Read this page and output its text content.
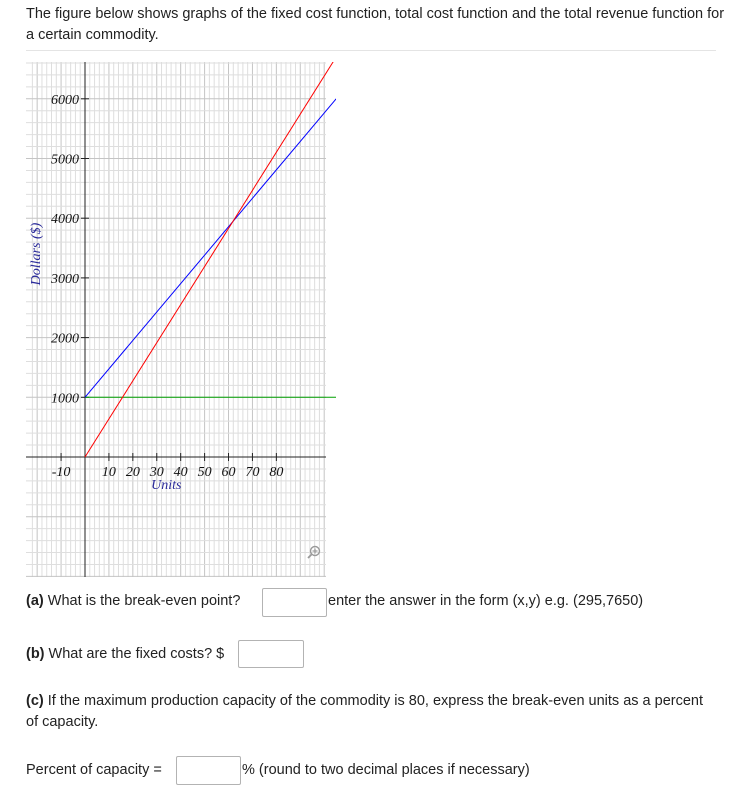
The figure below shows graphs of the fixed cost function, total cost function and the total revenue function for a certain commodity.
-10 10 20 30 40 50 60 70 80
1000
2000
3000
4000
5000
6000
Units
Dollars ($)
(a) What is the break-even point?	enter the answer in the form (x,y) e.g. (295,7650)
(b) What are the fixed costs? $
(c) If the maximum production capacity of the commodity is 80, express the break-even units as a percent of capacity.
Percent of capacity =	% (round to two decimal places if necessary)
